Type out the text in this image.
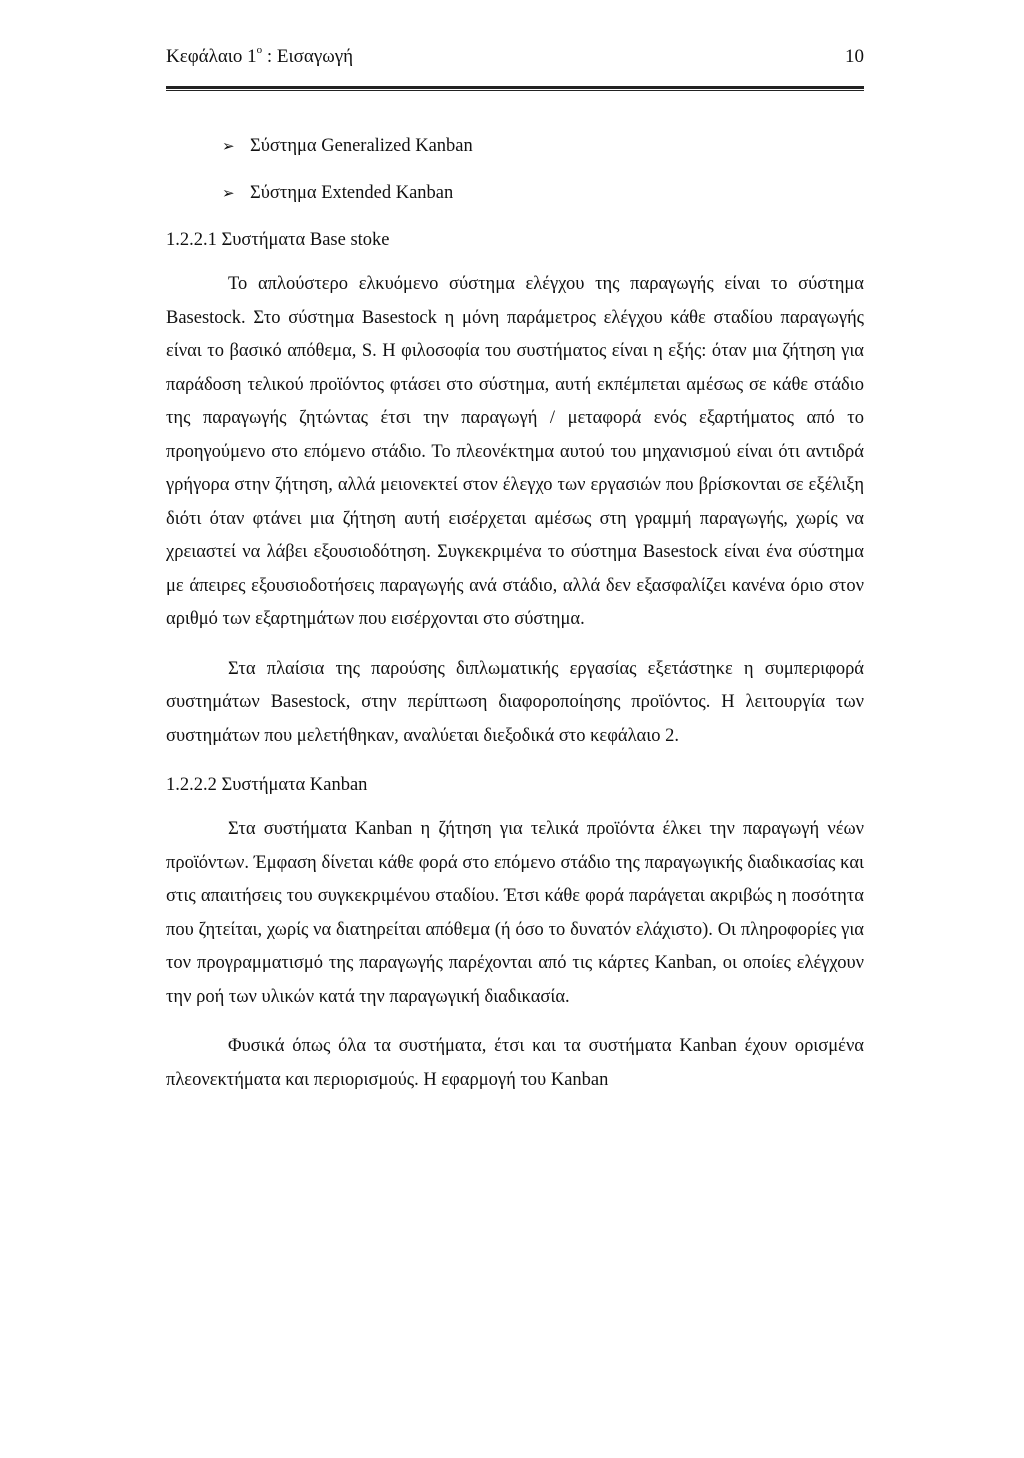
Κεφάλαιο $1^o$ : Εισαγωγή	10
➢ Σύστημα Generalized Kanban
➢ Σύστημα Extended Kanban
1.2.2.1 Συστήματα Base stoke

Το απλούστερο ελκυόμενο σύστημα ελέγχου της παραγωγής είναι το σύστημα Basestock. Στο σύστημα Basestock η μόνη παράμετρος ελέγχου κάθε σταδίου παραγωγής είναι το βασικό απόθεμα, S. Η φιλοσοφία του συστήματος είναι η εξής: όταν μια ζήτηση για παράδοση τελικού προϊόντος φτάσει στο σύστημα, αυτή εκπέμπεται αμέσως σε κάθε στάδιο της παραγωγής ζητώντας έτσι την παραγωγή / μεταφορά ενός εξαρτήματος από το προηγούμενο στο επόμενο στάδιο. Το πλεονέκτημα αυτού του μηχανισμού είναι ότι αντιδρά γρήγορα στην ζήτηση, αλλά μειονεκτεί στον έλεγχο των εργασιών που βρίσκονται σε εξέλιξη διότι όταν φτάνει μια ζήτηση αυτή εισέρχεται αμέσως στη γραμμή παραγωγής, χωρίς να χρειαστεί να λάβει εξουσιοδότηση. Συγκεκριμένα το σύστημα Basestock είναι ένα σύστημα με άπειρες εξουσιοδοτήσεις παραγωγής ανά στάδιο, αλλά δεν εξασφαλίζει κανένα όριο στον αριθμό των εξαρτημάτων που εισέρχονται στο σύστημα.

Στα πλαίσια της παρούσης διπλωματικής εργασίας εξετάστηκε η συμπεριφορά συστημάτων Basestock, στην περίπτωση διαφοροποίησης προϊόντος. Η λειτουργία των συστημάτων που μελετήθηκαν, αναλύεται διεξοδικά στο κεφάλαιο 2.

1.2.2.2 Συστήματα Kanban

Στα συστήματα Kanban η ζήτηση για τελικά προϊόντα έλκει την παραγωγή νέων προϊόντων. Έμφαση δίνεται κάθε φορά στο επόμενο στάδιο της παραγωγικής διαδικασίας και στις απαιτήσεις του συγκεκριμένου σταδίου. Έτσι κάθε φορά παράγεται ακριβώς η ποσότητα που ζητείται, χωρίς να διατηρείται απόθεμα (ή όσο το δυνατόν ελάχιστο). Οι πληροφορίες για τον προγραμματισμό της παραγωγής παρέχονται από τις κάρτες Kanban, οι οποίες ελέγχουν την ροή των υλικών κατά την παραγωγική διαδικασία.

Φυσικά όπως όλα τα συστήματα, έτσι και τα συστήματα Kanban έχουν ορισμένα πλεονεκτήματα και περιορισμούς. Η εφαρμογή του Kanban
